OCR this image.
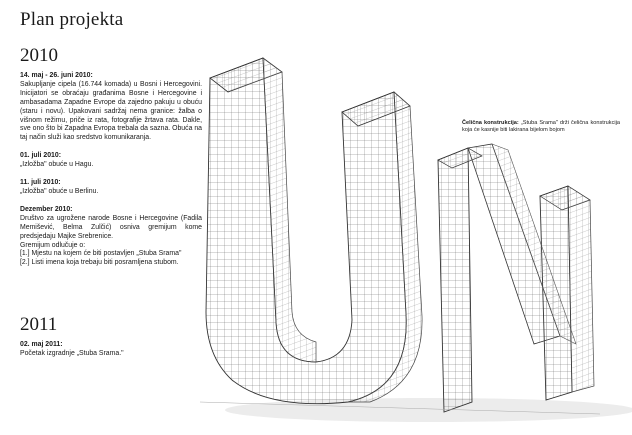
Plan projekta
2010
14. maj - 26. juni 2010:
Sakupljanje cipela (16.744 komada) u Bosni i Hercegovini. Inicijatori se obraćaju građanima Bosne i Hercegovine i ambasadama Zapadne Evrope da zajedno pakuju u obuću (staru i novu). Upakovani sadržaj nema granice: žalba o višnom režimu, priče iz rata, fotografije žrtava rata. Dakle, sve ono što bi Zapadna Evropa trebala da sazna. Obuća na taj način služi kao sredstvo komunikaranja.
01. juli 2010:
„Izložba" obuće u Hagu.
11. juli 2010:
„Izložba" obuće u Berlinu.
Dezember 2010:
Društvo za ugrožene narode Bosne i Hercegovine (Fadila Memišević, Belma Zulčić) osniva gremijum kome predsjedaju Majke Srebrenice.
Gremijum odlučuje o:
[1.] Mjestu na kojem će biti postavljen „Stuba Srama"
[2.] Listi imena koja trebaju biti posramljena stubom.
2011
02. maj 2011:
Početak izgradnje „Stuba Srama."
Čelična konstrukcija: „Stuba Srama" drži čelična konstrukcija koja će kasnije biti lakirana bijelom bojom
